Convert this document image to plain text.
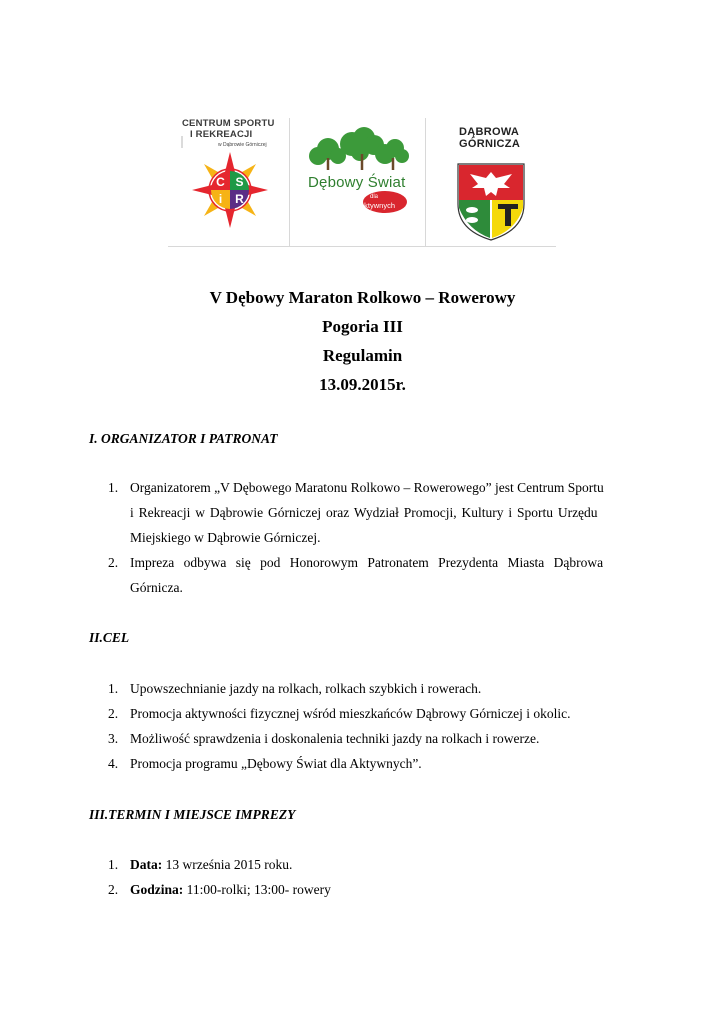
CENTRUM SPORTU
I REKREACJI
w Dąbrowie Górniczej
C S
i R
Dębowy Świat
dla
aktywnych
DĄBROWA
GÓRNICZA
V Dębowy Maraton Rolkowo – Rowerowy
Pogoria III
Regulamin
13.09.2015r.
I. ORGANIZATOR I PATRONAT
1. Organizatorem „V Dębowego Maratonu Rolkowo – Rowerowego” jest Centrum Sportu
i Rekreacji w Dąbrowie Górniczej oraz Wydział Promocji, Kultury i Sportu Urzędu
Miejskiego w Dąbrowie Górniczej.
2. Impreza odbywa się pod Honorowym Patronatem Prezydenta Miasta Dąbrowa
Górnicza.
II.CEL
1. Upowszechnianie jazdy na rolkach, rolkach szybkich i rowerach.
2. Promocja aktywności fizycznej wśród mieszkańców Dąbrowy Górniczej i okolic.
3. Możliwość sprawdzenia i doskonalenia techniki jazdy na rolkach i rowerze.
4. Promocja programu „Dębowy Świat dla Aktywnych”.
III.TERMIN I MIEJSCE IMPREZY
1. Data: 13 września 2015 roku.
2. Godzina: 11:00-rolki; 13:00- rowery
